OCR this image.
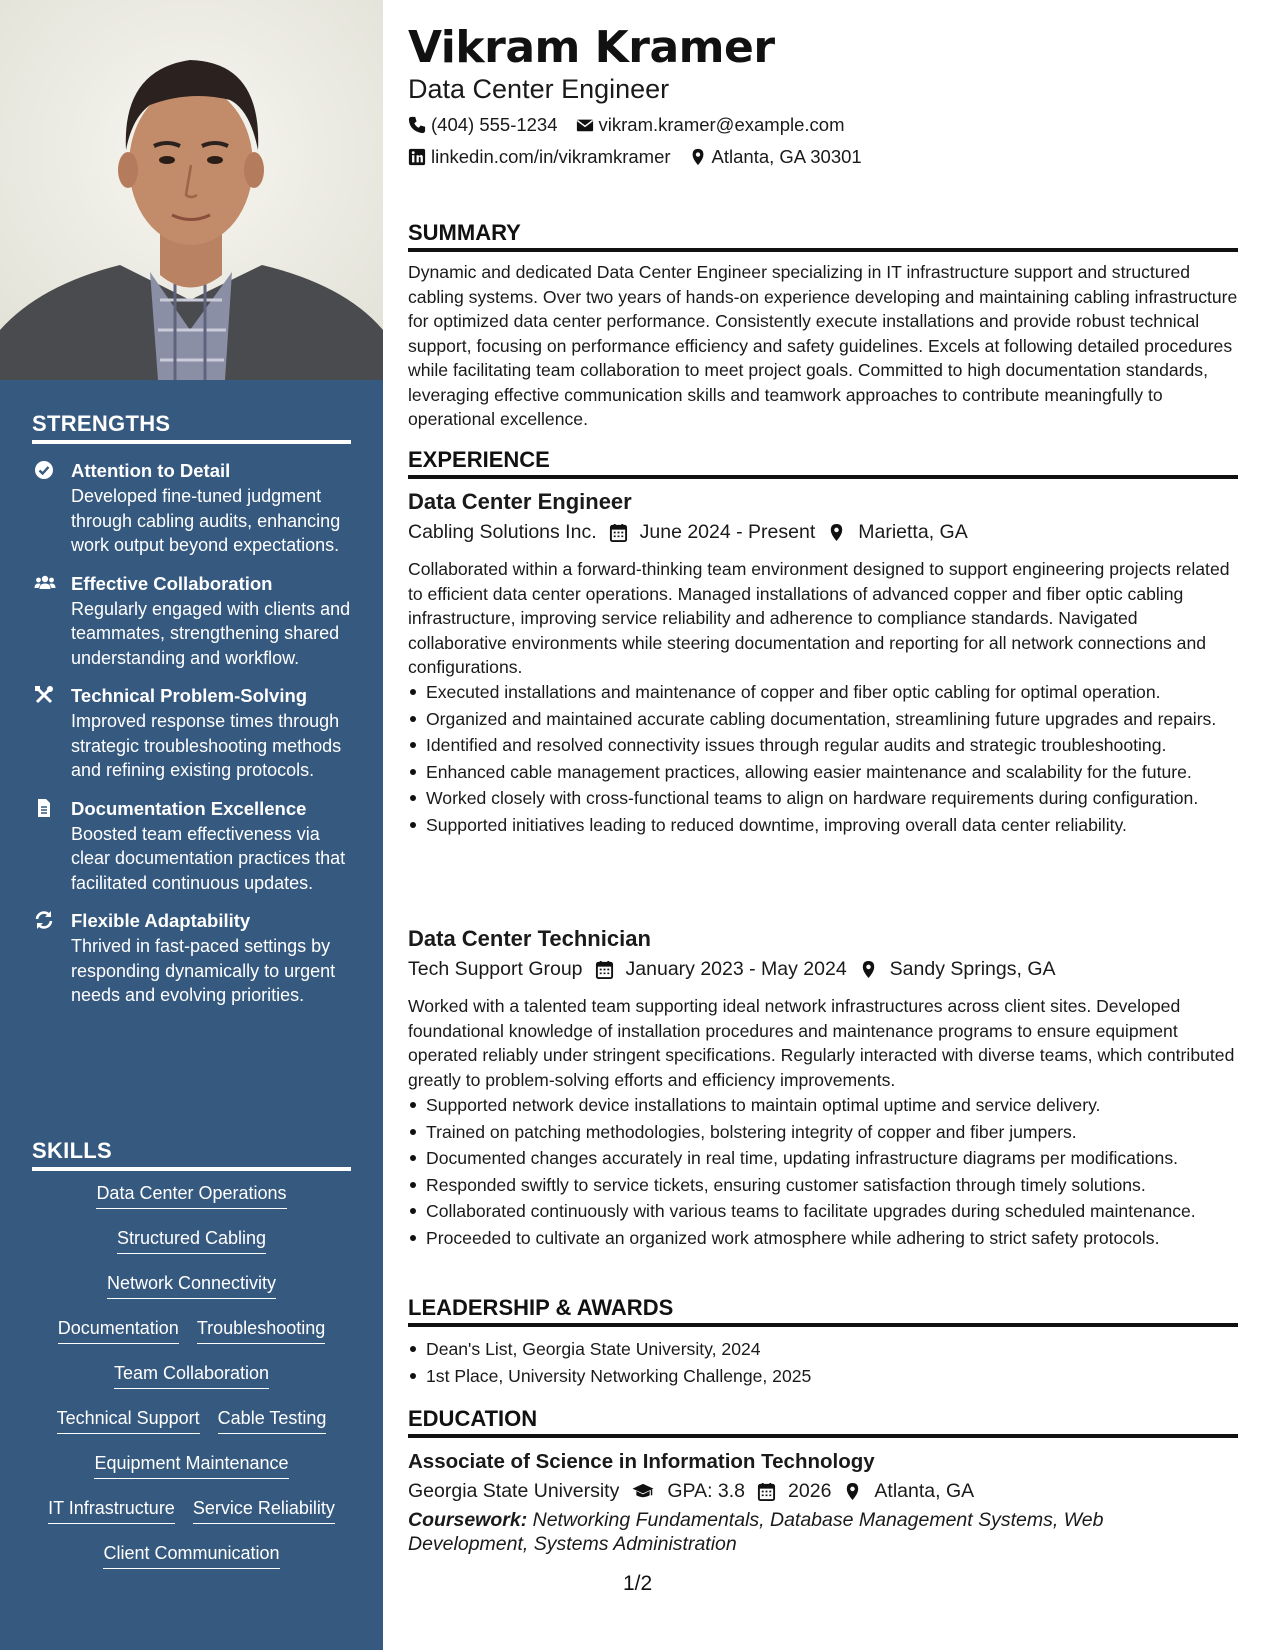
STRENGTHS
Attention to Detail
Developed fine-tuned judgment through cabling audits, enhancing work output beyond expectations.
Effective Collaboration
Regularly engaged with clients and teammates, strengthening shared understanding and workflow.
Technical Problem-Solving
Improved response times through strategic troubleshooting methods and refining existing protocols.
Documentation Excellence
Boosted team effectiveness via clear documentation practices that facilitated continuous updates.
Flexible Adaptability
Thrived in fast-paced settings by responding dynamically to urgent needs and evolving priorities.
SKILLS
Data Center Operations
Structured Cabling
Network Connectivity
Documentation Troubleshooting
Team Collaboration
Technical Support Cable Testing
Equipment Maintenance
IT Infrastructure Service Reliability
Client Communication
Vikram Kramer
Data Center Engineer
(404) 555-1234 vikram.kramer@example.com
linkedin.com/in/vikramkramer Atlanta, GA 30301
SUMMARY
Dynamic and dedicated Data Center Engineer specializing in IT infrastructure support and structured cabling systems. Over two years of hands-on experience developing and maintaining cabling infrastructure for optimized data center performance. Consistently execute installations and provide robust technical support, focusing on performance efficiency and safety guidelines. Excels at following detailed procedures while facilitating team collaboration to meet project goals. Committed to high documentation standards, leveraging effective communication skills and teamwork approaches to contribute meaningfully to operational excellence.
EXPERIENCE
Data Center Engineer
Cabling Solutions Inc. June 2024 - Present Marietta, GA
Collaborated within a forward-thinking team environment designed to support engineering projects related to efficient data center operations. Managed installations of advanced copper and fiber optic cabling infrastructure, improving service reliability and adherence to compliance standards. Navigated collaborative environments while steering documentation and reporting for all network connections and configurations.
Executed installations and maintenance of copper and fiber optic cabling for optimal operation.
Organized and maintained accurate cabling documentation, streamlining future upgrades and repairs.
Identified and resolved connectivity issues through regular audits and strategic troubleshooting.
Enhanced cable management practices, allowing easier maintenance and scalability for the future.
Worked closely with cross-functional teams to align on hardware requirements during configuration.
Supported initiatives leading to reduced downtime, improving overall data center reliability.
Data Center Technician
Tech Support Group January 2023 - May 2024 Sandy Springs, GA
Worked with a talented team supporting ideal network infrastructures across client sites. Developed foundational knowledge of installation procedures and maintenance programs to ensure equipment operated reliably under stringent specifications. Regularly interacted with diverse teams, which contributed greatly to problem-solving efforts and efficiency improvements.
Supported network device installations to maintain optimal uptime and service delivery.
Trained on patching methodologies, bolstering integrity of copper and fiber jumpers.
Documented changes accurately in real time, updating infrastructure diagrams per modifications.
Responded swiftly to service tickets, ensuring customer satisfaction through timely solutions.
Collaborated continuously with various teams to facilitate upgrades during scheduled maintenance.
Proceeded to cultivate an organized work atmosphere while adhering to strict safety protocols.
LEADERSHIP & AWARDS
Dean's List, Georgia State University, 2024
1st Place, University Networking Challenge, 2025
EDUCATION
Associate of Science in Information Technology
Georgia State University GPA: 3.8 2026 Atlanta, GA
Coursework: Networking Fundamentals, Database Management Systems, Web Development, Systems Administration
1/2
